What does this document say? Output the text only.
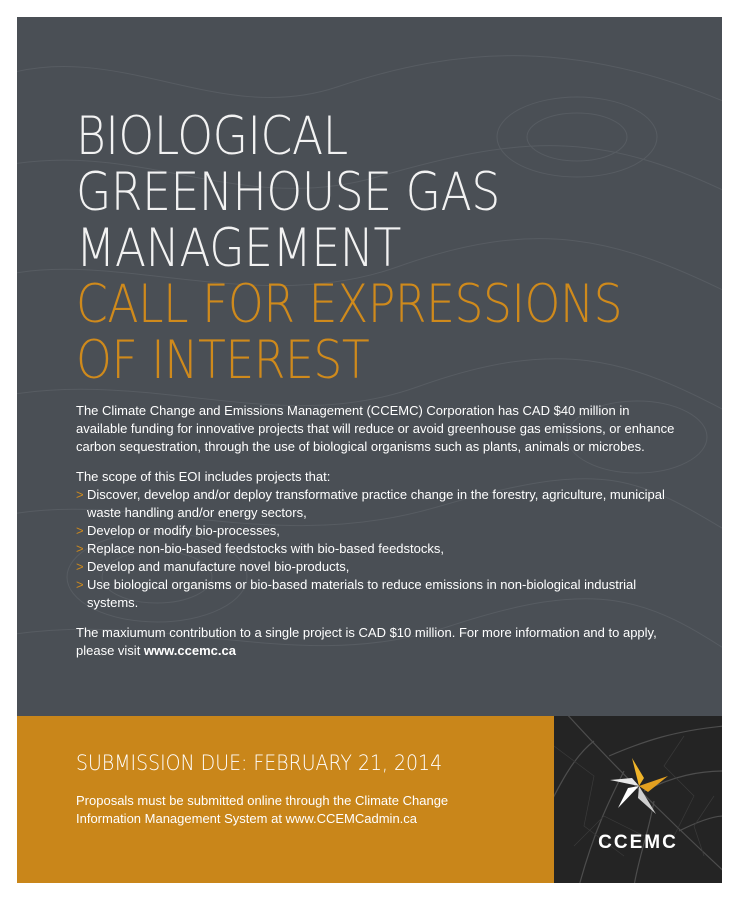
BIOLOGICAL
GREENHOUSE GAS
MANAGEMENT
CALL FOR EXPRESSIONS
OF INTEREST

The Climate Change and Emissions Management (CCEMC) Corporation has CAD $40 million in available funding for innovative projects that will reduce or avoid greenhouse gas emissions, or enhance carbon sequestration, through the use of biological organisms such as plants, animals or microbes.

The scope of this EOI includes projects that:
> Discover, develop and/or deploy transformative practice change in the forestry, agriculture, municipal waste handling and/or energy sectors,
> Develop or modify bio-processes,
> Replace non-bio-based feedstocks with bio-based feedstocks,
> Develop and manufacture novel bio-products,
> Use biological organisms or bio-based materials to reduce emissions in non-biological industrial systems.

The maxiumum contribution to a single project is CAD $10 million. For more information and to apply, please visit www.ccemc.ca

SUBMISSION DUE: FEBRUARY 21, 2014
Proposals must be submitted online through the Climate Change Information Management System at www.CCEMCadmin.ca
CCEMC
